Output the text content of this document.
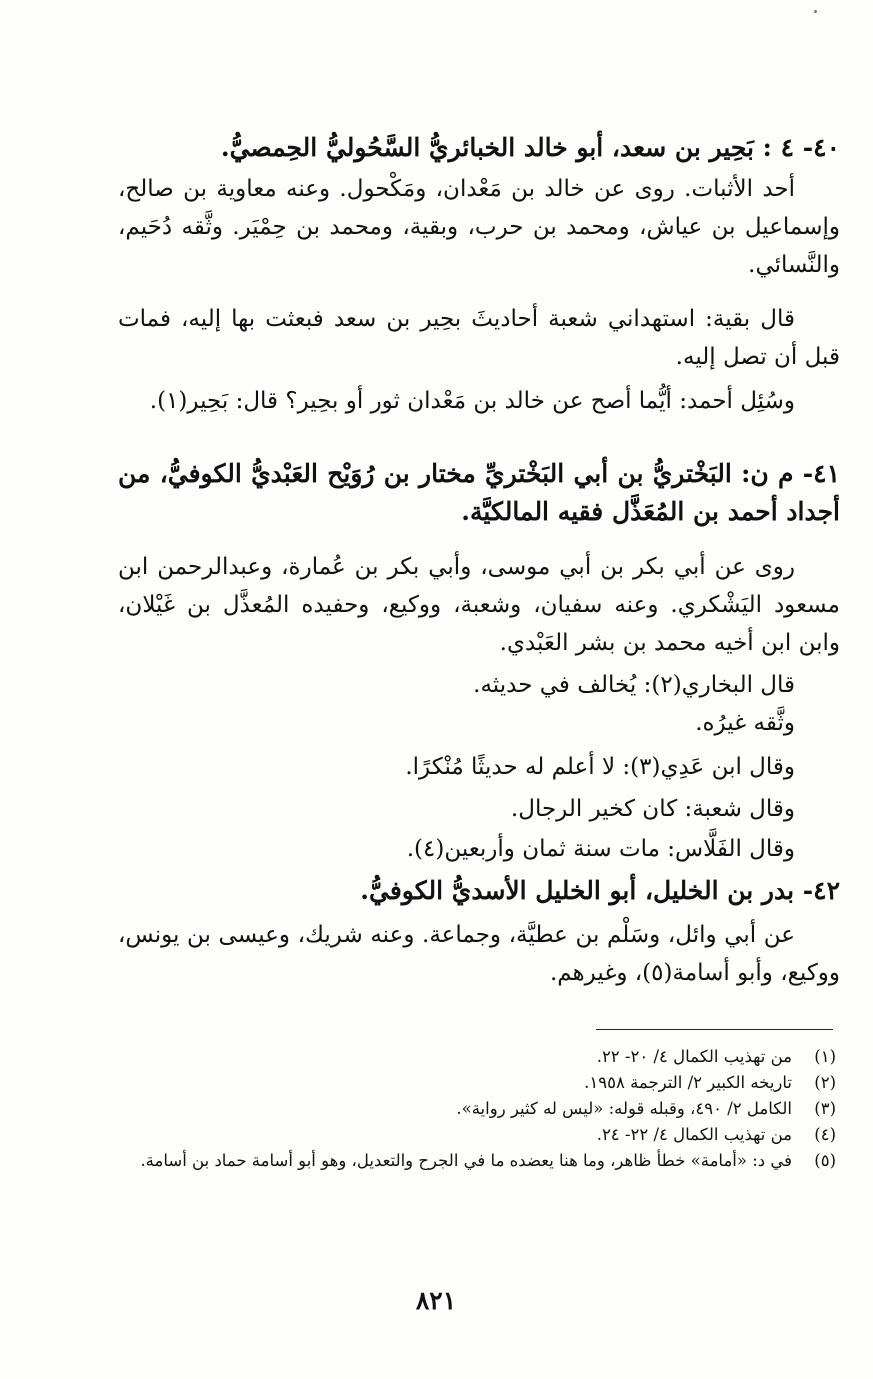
٤٠- ٤ : بَحِير بن سعد، أبو خالد الخبائريُّ السَّحُوليُّ الحِمصيُّ.

أحد الأثبات. روى عن خالد بن مَعْدان، ومَكْحول. وعنه معاوية بن صالح، وإسماعيل بن عياش، ومحمد بن حرب، وبقية، ومحمد بن حِمْيَر. وثَّقه دُحَيم، والنَّسائي.

قال بقية: استهداني شعبة أحاديثَ بحِير بن سعد فبعثت بها إليه، فمات قبل أن تصل إليه.

وسُئِل أحمد: أيُّما أصح عن خالد بن مَعْدان ثور أو بحِير؟ قال: بَحِير(١).

٤١- م ن: البَخْتريُّ بن أبي البَخْتريِّ مختار بن رُوَيْح العَبْديُّ الكوفيُّ، من أجداد أحمد بن المُعَذَّل فقيه المالكيَّة.

روى عن أبي بكر بن أبي موسى، وأبي بكر بن عُمارة، وعبدالرحمن ابن مسعود اليَشْكري. وعنه سفيان، وشعبة، ووكيع، وحفيده المُعذَّل بن غَيْلان، وابن ابن أخيه محمد بن بشر العَبْدي.

قال البخاري(٢): يُخالف في حديثه.

وثَّقه غيرُه.

وقال ابن عَدِي(٣): لا أعلم له حديثًا مُنْكرًا.

وقال شعبة: كان كخير الرجال.

وقال الفَلَّاس: مات سنة ثمان وأربعين(٤).

٤٢- بدر بن الخليل، أبو الخليل الأسديُّ الكوفيُّ.

عن أبي وائل، وسَلْم بن عطيَّة، وجماعة. وعنه شريك، وعيسى بن يونس، ووكيع، وأبو أسامة(٥)، وغيرهم.

(١)
من تهذيب الكمال ٤/ ٢٠- ٢٢.
(٢)
تاريخه الكبير ٢/ الترجمة ١٩٥٨.
(٣)
الكامل ٢/ ٤٩٠، وقبله قوله: «ليس له كثير رواية».
(٤)
من تهذيب الكمال ٤/ ٢٢- ٢٤.
(٥)
في د: «أمامة» خطأ ظاهر، وما هنا يعضده ما في الجرح والتعديل، وهو أبو أسامة حماد بن أسامة.
٨٢١
